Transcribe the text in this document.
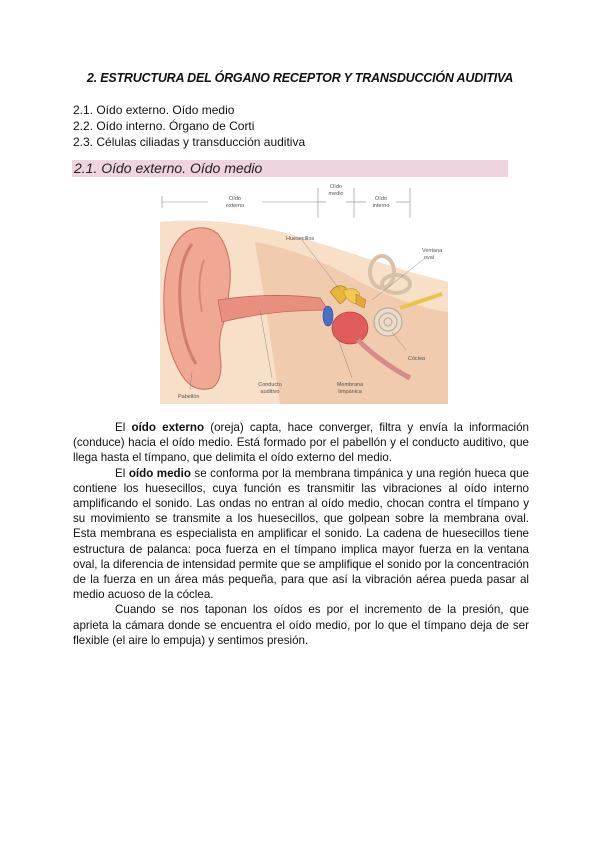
2. ESTRUCTURA DEL ÓRGANO RECEPTOR Y TRANSDUCCIÓN AUDITIVA
2.1. Oído externo. Oído medio
2.2. Oído interno. Órgano de Corti
2.3. Células ciliadas y transducción auditiva
2.1. Oído externo. Oído medio
Oído
externo
Oído
medio
Oído
interno
Huesecillos
Ventana
oval
Cóclea
Pabellón
Conducto
auditivo
Membrana
timpánica

El oído externo (oreja) capta, hace converger, filtra y envía la información (conduce) hacia el oído medio. Está formado por el pabellón y el conducto auditivo, que llega hasta el tímpano, que delimita el oído externo del medio.

El oído medio se conforma por la membrana timpánica y una región hueca que contiene los huesecillos, cuya función es transmitir las vibraciones al oído interno amplificando el sonido. Las ondas no entran al oído medio, chocan contra el tímpano y su movimiento se transmite a los huesecillos, que golpean sobre la membrana oval. Esta membrana es especialista en amplificar el sonido. La cadena de huesecillos tiene estructura de palanca: poca fuerza en el tímpano implica mayor fuerza en la ventana oval, la diferencia de intensidad permite que se amplifique el sonido por la concentración de la fuerza en un área más pequeña, para que así la vibración aérea pueda pasar al medio acuoso de la cóclea.

Cuando se nos taponan los oídos es por el incremento de la presión, que aprieta la cámara donde se encuentra el oído medio, por lo que el tímpano deja de ser flexible (el aire lo empuja) y sentimos presión.
